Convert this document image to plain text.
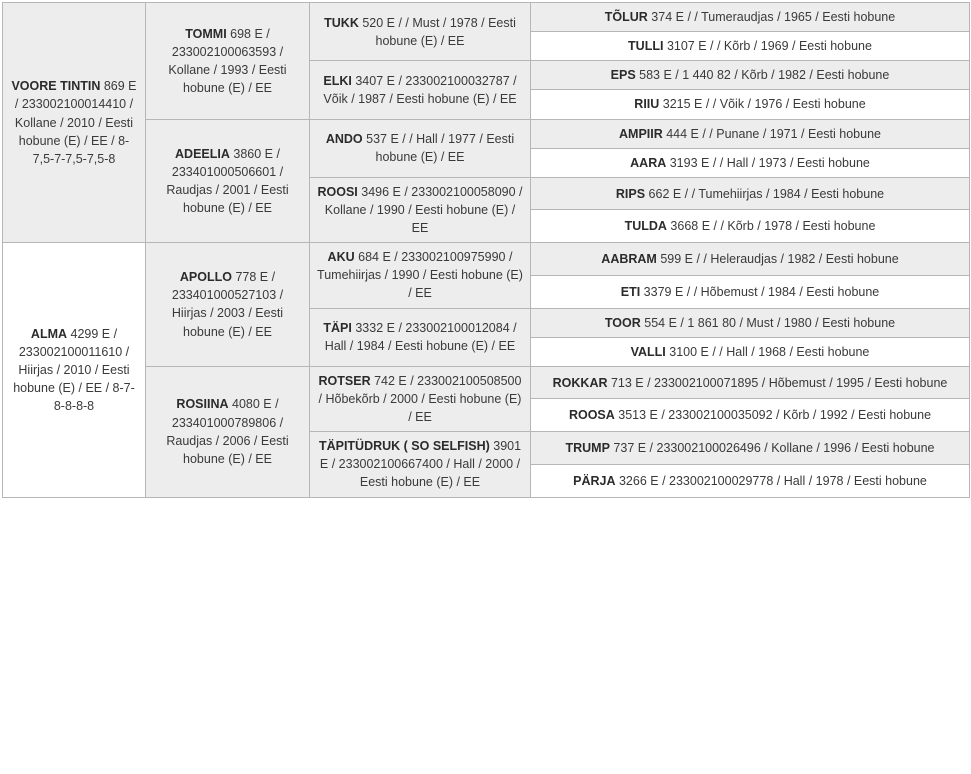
VOORE TINTIN 869 E / 233002100014410 / Kollane / 2010 / Eesti hobune (E) / EE / 8-7,5-7-7,5-7,5-8	TOMMI 698 E / 233002100063593 / Kollane / 1993 / Eesti hobune (E) / EE	TUKK 520 E / / Must / 1978 / Eesti hobune (E) / EE	TÕLUR 374 E / / Tumeraudjas / 1965 / Eesti hobune
			TULLI 3107 E / / Kõrb / 1969 / Eesti hobune
		ELKI 3407 E / 233002100032787 / Võik / 1987 / Eesti hobune (E) / EE	EPS 583 E / 1 440 82 / Kõrb / 1982 / Eesti hobune
			RIIU 3215 E / / Võik / 1976 / Eesti hobune
	ADEELIA 3860 E / 233401000506601 / Raudjas / 2001 / Eesti hobune (E) / EE	ANDO 537 E / / Hall / 1977 / Eesti hobune (E) / EE	AMPIIR 444 E / / Punane / 1971 / Eesti hobune
			AARA 3193 E / / Hall / 1973 / Eesti hobune
		ROOSI 3496 E / 233002100058090 / Kollane / 1990 / Eesti hobune (E) / EE	RIPS 662 E / / Tumehiirjas / 1984 / Eesti hobune
			TULDA 3668 E / / Kõrb / 1978 / Eesti hobune
ALMA 4299 E / 233002100011610 / Hiirjas / 2010 / Eesti hobune (E) / EE / 8-7-8-8-8-8	APOLLO 778 E / 233401000527103 / Hiirjas / 2003 / Eesti hobune (E) / EE	AKU 684 E / 233002100975990 / Tumehiirjas / 1990 / Eesti hobune (E) / EE	AABRAM 599 E / / Heleraudjas / 1982 / Eesti hobune
			ETI 3379 E / / Hõbemust / 1984 / Eesti hobune
		TÄPI 3332 E / 233002100012084 / Hall / 1984 / Eesti hobune (E) / EE	TOOR 554 E / 1 861 80 / Must / 1980 / Eesti hobune
			VALLI 3100 E / / Hall / 1968 / Eesti hobune
	ROSIINA 4080 E / 233401000789806 / Raudjas / 2006 / Eesti hobune (E) / EE	ROTSER 742 E / 233002100508500 / Hõbekõrb / 2000 / Eesti hobune (E) / EE	ROKKAR 713 E / 233002100071895 / Hõbemust / 1995 / Eesti hobune
			ROOSA 3513 E / 233002100035092 / Kõrb / 1992 / Eesti hobune
		TÄPITÜDRUK ( SO SELFISH) 3901 E / 233002100667400 / Hall / 2000 / Eesti hobune (E) / EE	TRUMP 737 E / 233002100026496 / Kollane / 1996 / Eesti hobune
			PÄRJA 3266 E / 233002100029778 / Hall / 1978 / Eesti hobune
